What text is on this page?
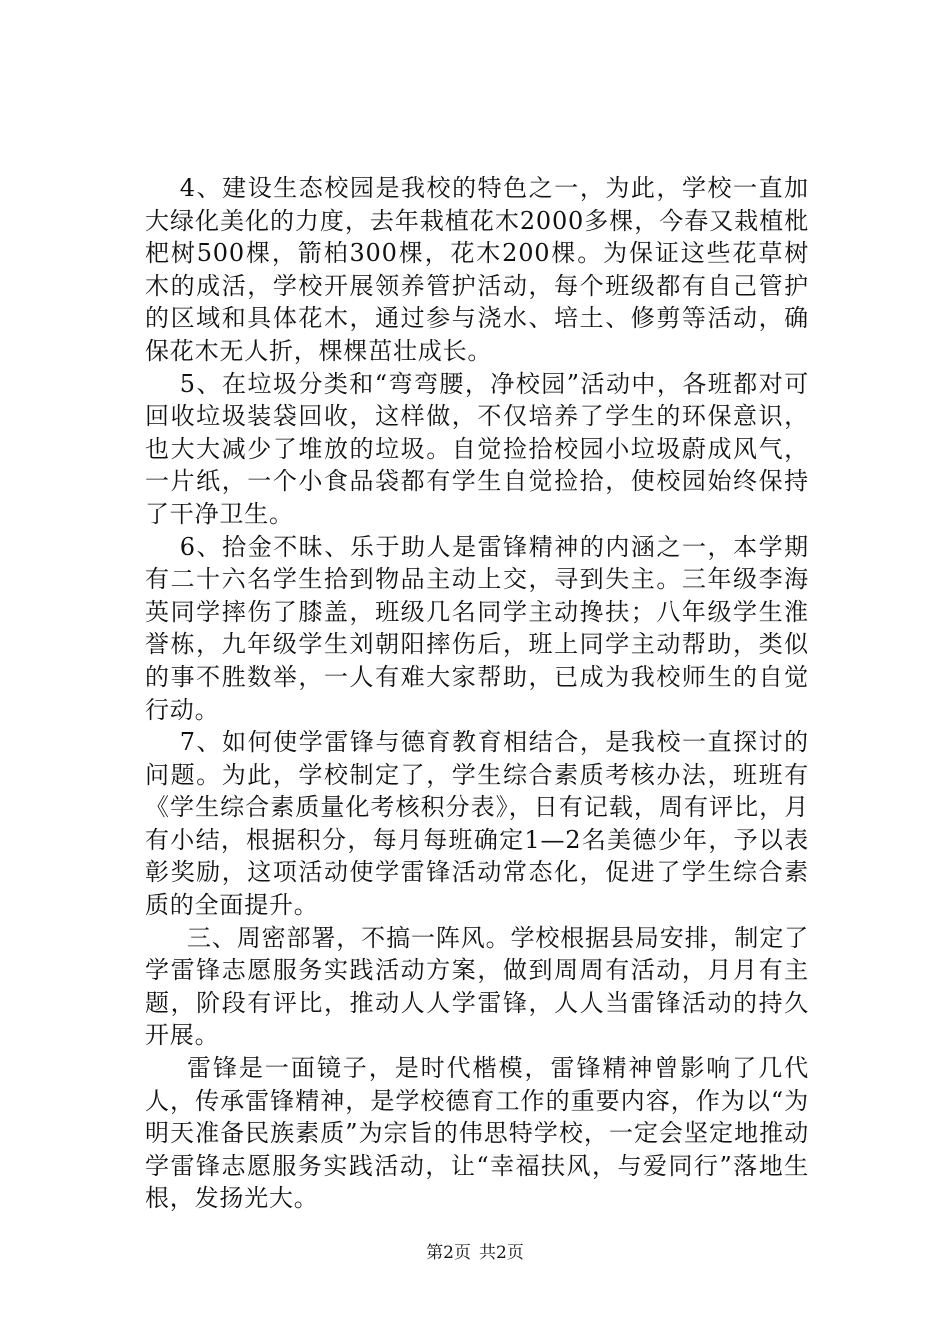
4、建设生态校园是我校的特色之一，为此，学校一直加大绿化美化的力度，去年栽植花木2000多棵，今春又栽植枇杷树500棵，箭柏300棵，花木200棵。为保证这些花草树木的成活，学校开展领养管护活动，每个班级都有自己管护的区域和具体花木，通过参与浇水、培土、修剪等活动，确保花木无人折，棵棵茁壮成长。

5、在垃圾分类和“弯弯腰，净校园”活动中，各班都对可回收垃圾装袋回收，这样做，不仅培养了学生的环保意识，也大大减少了堆放的垃圾。自觉捡拾校园小垃圾蔚成风气，一片纸，一个小食品袋都有学生自觉捡拾，使校园始终保持了干净卫生。

6、拾金不昧、乐于助人是雷锋精神的内涵之一，本学期有二十六名学生拾到物品主动上交，寻到失主。三年级李海英同学摔伤了膝盖，班级几名同学主动搀扶；八年级学生淮誉栋，九年级学生刘朝阳摔伤后，班上同学主动帮助，类似的事不胜数举，一人有难大家帮助，已成为我校师生的自觉行动。

7、如何使学雷锋与德育教育相结合，是我校一直探讨的问题。为此，学校制定了，学生综合素质考核办法，班班有《学生综合素质量化考核积分表》，日有记载，周有评比，月有小结，根据积分，每月每班确定1—2名美德少年，予以表彰奖励，这项活动使学雷锋活动常态化，促进了学生综合素质的全面提升。

三、周密部署，不搞一阵风。学校根据县局安排，制定了学雷锋志愿服务实践活动方案，做到周周有活动，月月有主题，阶段有评比，推动人人学雷锋，人人当雷锋活动的持久开展。

雷锋是一面镜子，是时代楷模，雷锋精神曾影响了几代人，传承雷锋精神，是学校德育工作的重要内容，作为以“为明天准备民族素质”为宗旨的伟思特学校，一定会坚定地推动学雷锋志愿服务实践活动，让“幸福扶风，与爱同行”落地生根，发扬光大。

第2页 共2页
